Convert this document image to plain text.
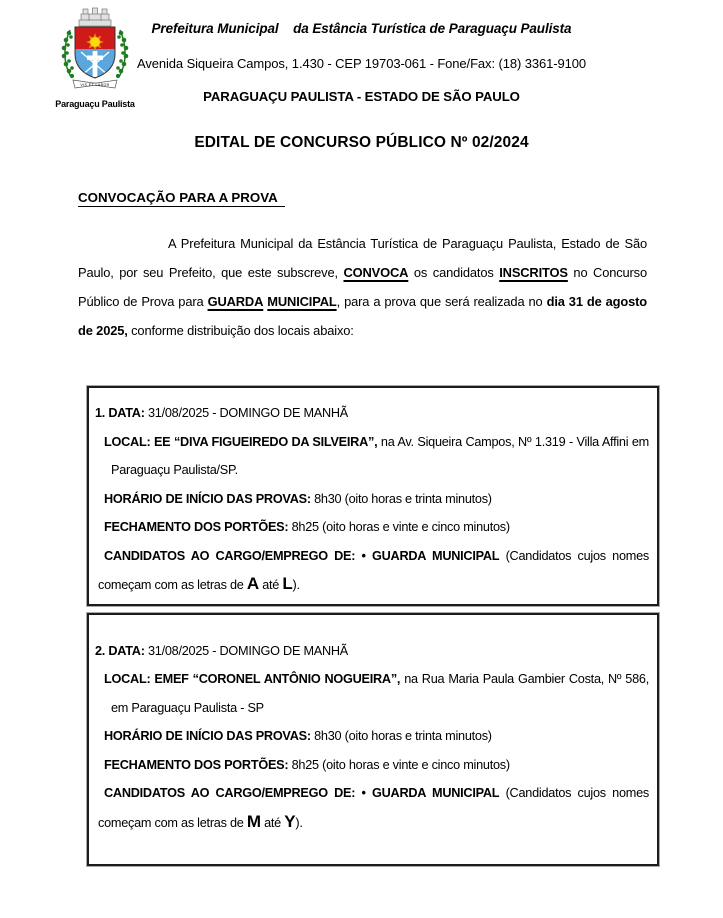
VIS ET LABOR
Paraguaçu Paulista
Prefeitura Municipal    da Estância Turística de Paraguaçu Paulista
Avenida Siqueira Campos, 1.430 - CEP 19703-061 - Fone/Fax: (18) 3361-9100
PARAGUAÇU PAULISTA - ESTADO DE SÃO PAULO
EDITAL DE CONCURSO PÚBLICO Nº 02/2024
CONVOCAÇÃO PARA A PROVA

A Prefeitura Municipal da Estância Turística de Paraguaçu Paulista, Estado de São Paulo, por seu Prefeito, que este subscreve, CONVOCA os candidatos INSCRITOS no Concurso Público de Prova para GUARDA MUNICIPAL, para a prova que será realizada no dia 31 de agosto de 2025, conforme distribuição dos locais abaixo:

1. DATA: 31/08/2025 - DOMINGO DE MANHÃ

LOCAL: EE “DIVA FIGUEIREDO DA SILVEIRA”, na Av. Siqueira Campos, Nº 1.319 - Villa Affini em Paraguaçu Paulista/SP.

HORÁRIO DE INÍCIO DAS PROVAS: 8h30 (oito horas e trinta minutos)

FECHAMENTO DOS PORTÕES: 8h25 (oito horas e vinte e cinco minutos)

CANDIDATOS AO CARGO/EMPREGO DE: • GUARDA MUNICIPAL (Candidatos cujos nomes começam com as letras de A até L).

2. DATA: 31/08/2025 - DOMINGO DE MANHÃ

LOCAL: EMEF “CORONEL ANTÔNIO NOGUEIRA”, na Rua Maria Paula Gambier Costa, Nº 586, em Paraguaçu Paulista - SP

HORÁRIO DE INÍCIO DAS PROVAS: 8h30 (oito horas e trinta minutos)

FECHAMENTO DOS PORTÕES: 8h25 (oito horas e vinte e cinco minutos)

CANDIDATOS AO CARGO/EMPREGO DE: • GUARDA MUNICIPAL (Candidatos cujos nomes começam com as letras de M até Y).
